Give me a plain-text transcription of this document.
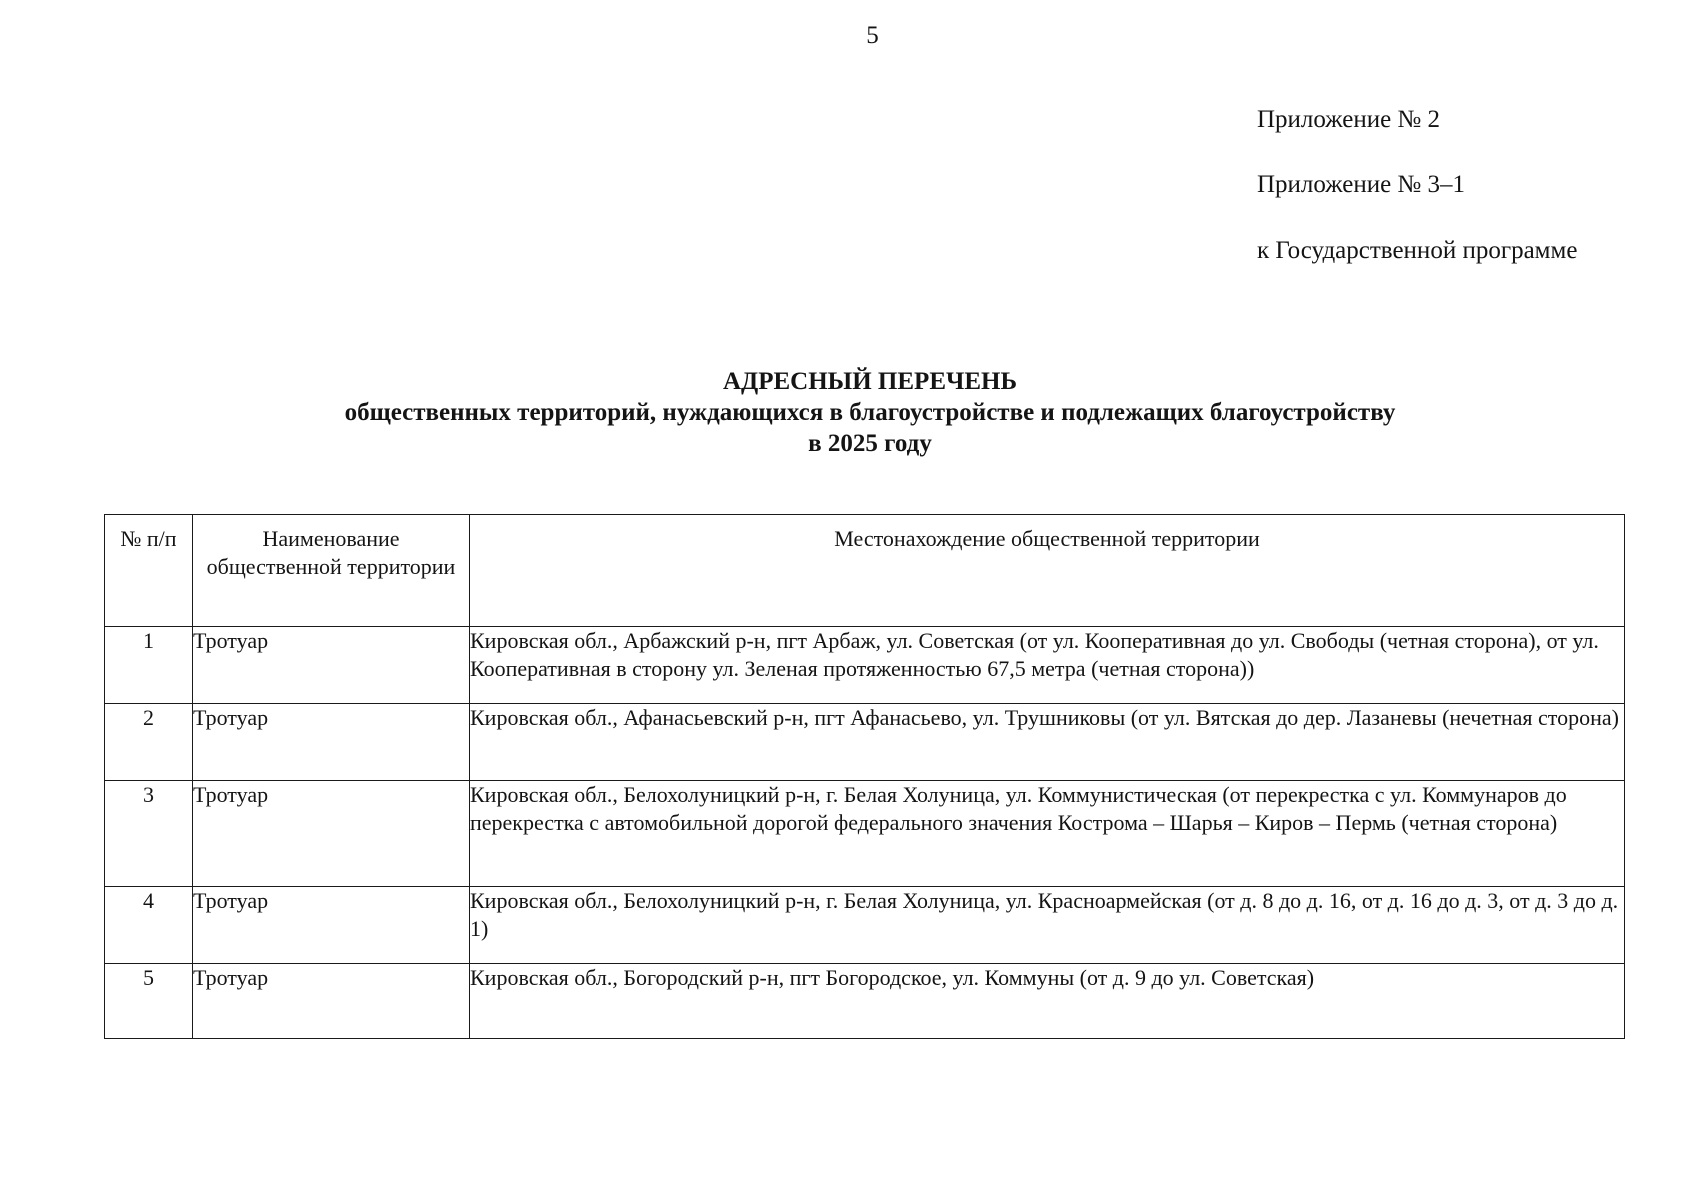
5
Приложение № 2
Приложение № 3–1
к Государственной программе
АДРЕСНЫЙ ПЕРЕЧЕНЬ
общественных территорий, нуждающихся в благоустройстве и подлежащих благоустройству
в 2025 году
№ п/п	Наименование общественной территории	Местонахождение общественной территории
1	Тротуар	Кировская обл., Арбажский р-н, пгт Арбаж, ул. Советская (от ул. Кооперативная до ул. Свободы (четная сторона), от ул. Кооперативная в сторону ул. Зеленая протяженностью 67,5 метра (четная сторона))
2	Тротуар	Кировская обл., Афанасьевский р-н, пгт Афанасьево, ул. Трушниковы (от ул. Вятская до дер. Лазаневы (нечетная сторона)
3	Тротуар	Кировская обл., Белохолуницкий р-н, г. Белая Холуница, ул. Коммунистическая (от перекрестка с ул. Коммунаров до перекрестка с автомобильной дорогой федерального значения Кострома – Шарья – Киров – Пермь (четная сторона)
4	Тротуар	Кировская обл., Белохолуницкий р-н, г. Белая Холуница, ул. Красноармейская (от д. 8 до д. 16, от д. 16 до д. 3, от д. 3 до д. 1)
5	Тротуар	Кировская обл., Богородский р-н, пгт Богородское, ул. Коммуны (от д. 9 до ул. Советская)
